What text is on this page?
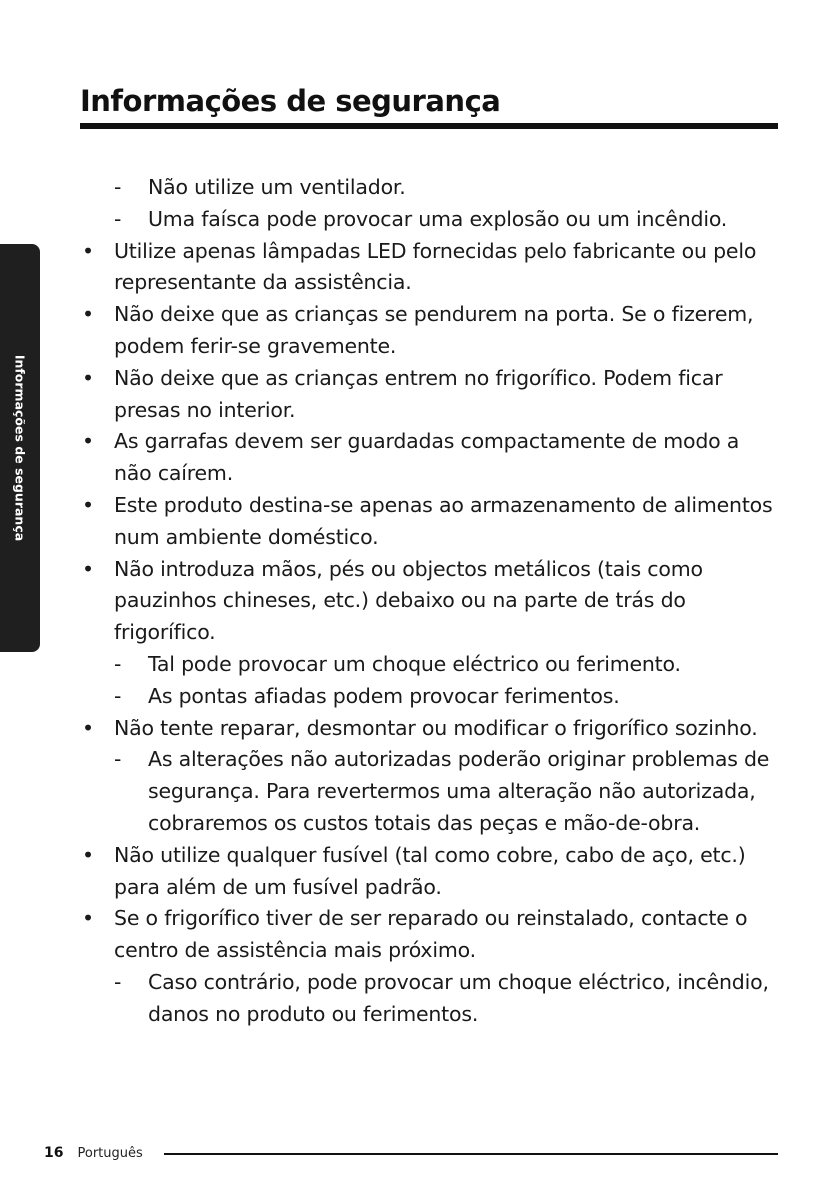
Informações de segurança
Informações de segurança
- Não utilize um ventilador.
- Uma faísca pode provocar uma explosão ou um incêndio.
• Utilize apenas lâmpadas LED fornecidas pelo fabricante ou pelo representante da assistência.
• Não deixe que as crianças se pendurem na porta. Se o fizerem, podem ferir-se gravemente.
• Não deixe que as crianças entrem no frigorífico. Podem ficar presas no interior.
• As garrafas devem ser guardadas compactamente de modo a não caírem.
• Este produto destina-se apenas ao armazenamento de alimentos num ambiente doméstico.
• Não introduza mãos, pés ou objectos metálicos (tais como pauzinhos chineses, etc.) debaixo ou na parte de trás do frigorífico.
- Tal pode provocar um choque eléctrico ou ferimento.
- As pontas afiadas podem provocar ferimentos.
• Não tente reparar, desmontar ou modificar o frigorífico sozinho.
- As alterações não autorizadas poderão originar problemas de segurança. Para revertermos uma alteração não autorizada, cobraremos os custos totais das peças e mão-de-obra.
• Não utilize qualquer fusível (tal como cobre, cabo de aço, etc.) para além de um fusível padrão.
• Se o frigorífico tiver de ser reparado ou reinstalado, contacte o centro de assistência mais próximo.
- Caso contrário, pode provocar um choque eléctrico, incêndio, danos no produto ou ferimentos.
16 Português
